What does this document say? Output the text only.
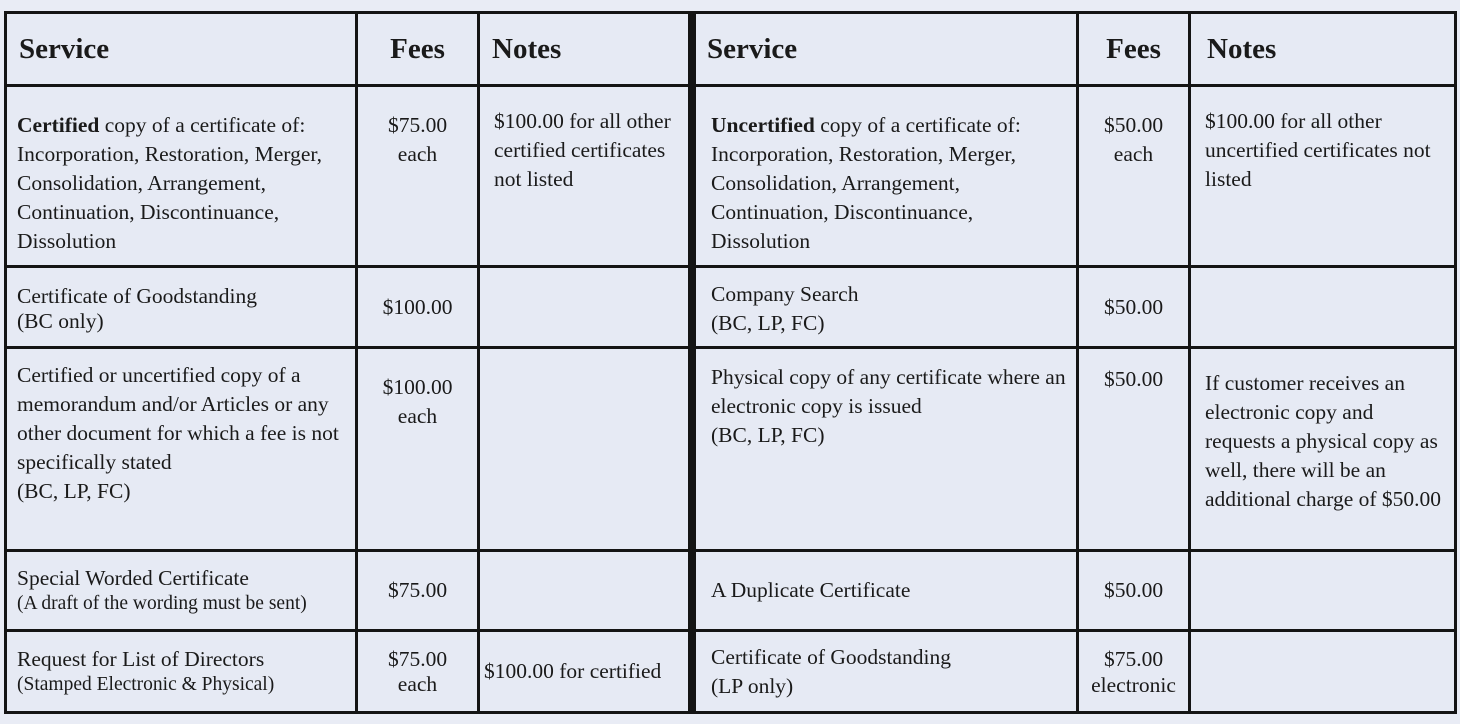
Service	Fees	Notes
Certified copy of a certificate of: Incorporation, Restoration, Merger, Consolidation, Arrangement, Continuation, Discontinuance, Dissolution	$75.00 each	$100.00 for all other certified certificates not listed

Certificate of Goodstanding
(BC only)	$100.00	

Certified or uncertified copy of a memorandum and/or Articles or any other document for which a fee is not specifically stated
(BC, LP, FC)	$100.00 each	

Special Worded Certificate
(A draft of the wording must be sent)	$75.00	

Request for List of Directors
(Stamped Electronic & Physical)	$75.00 each	$100.00 for certified
Service	Fees	Notes
Uncertified copy of a certificate of: Incorporation, Restoration, Merger, Consolidation, Arrangement, Continuation, Discontinuance, Dissolution	$50.00 each	$100.00 for all other uncertified certificates not listed

Company Search
(BC, LP, FC)	$50.00	

Physical copy of any certificate where an electronic copy is issued
(BC, LP, FC)	$50.00	If customer receives an electronic copy and requests a physical copy as well, there will be an additional charge of $50.00
A Duplicate Certificate	$50.00	

Certificate of Goodstanding
(LP only)	$75.00 electronic	
